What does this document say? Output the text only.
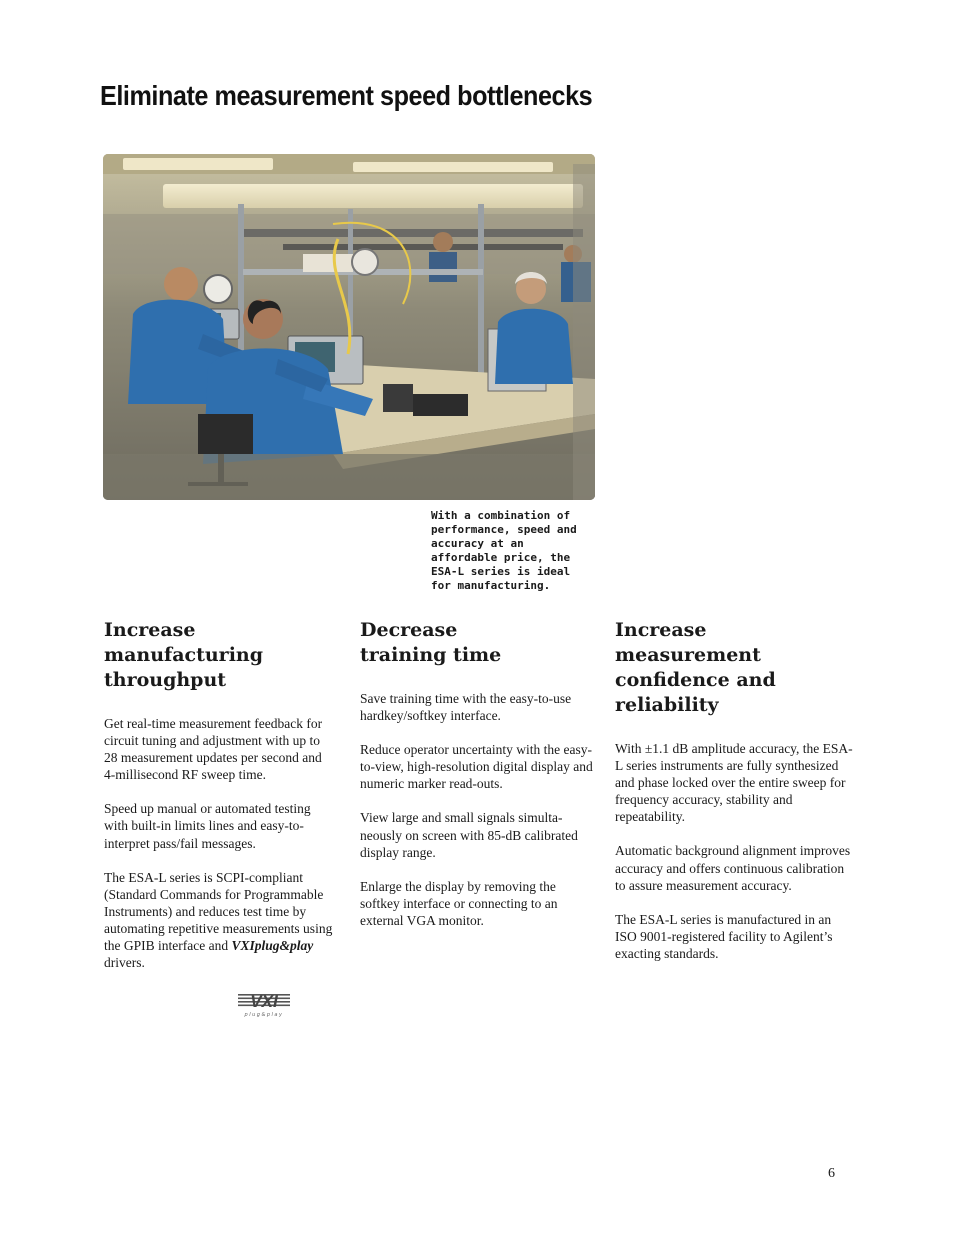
Eliminate measurement speed bottlenecks

With a combination of performance, speed and accuracy at an affordable price, the ESA-L series is ideal for manufacturing.

Increase
manufacturing
throughput

Get real-time measurement feedback for circuit tuning and adjustment with up to 28 measurement updates per second and 4-millisecond RF sweep time.

Speed up manual or automated testing with built-in limits lines and easy-to-interpret pass/fail messages.

The ESA-L series is SCPI-compliant (Standard Commands for Programmable Instruments) and reduces test time by automating repetitive measurements using the GPIB interface and VXIplug&play drivers.

Decrease
training time

Save training time with the easy-to-use hardkey/softkey interface.

Reduce operator uncertainty with the easy-to-view, high-resolution digital display and numeric marker read-outs.

View large and small signals simulta-neously on screen with 85-dB calibrated display range.

Enlarge the display by removing the softkey interface or connecting to an external VGA monitor.

Increase
measurement
confidence and
reliability

With ±1.1 dB amplitude accuracy, the ESA-L series instruments are fully synthesized and phase locked over the entire sweep for frequency accuracy, stability and repeatability.

Automatic background alignment improves accuracy and offers continuous calibration to assure measurement accuracy.

The ESA-L series is manufactured in an ISO 9001-registered facility to Agilent’s exacting standards.

VXI
plug&play

6
